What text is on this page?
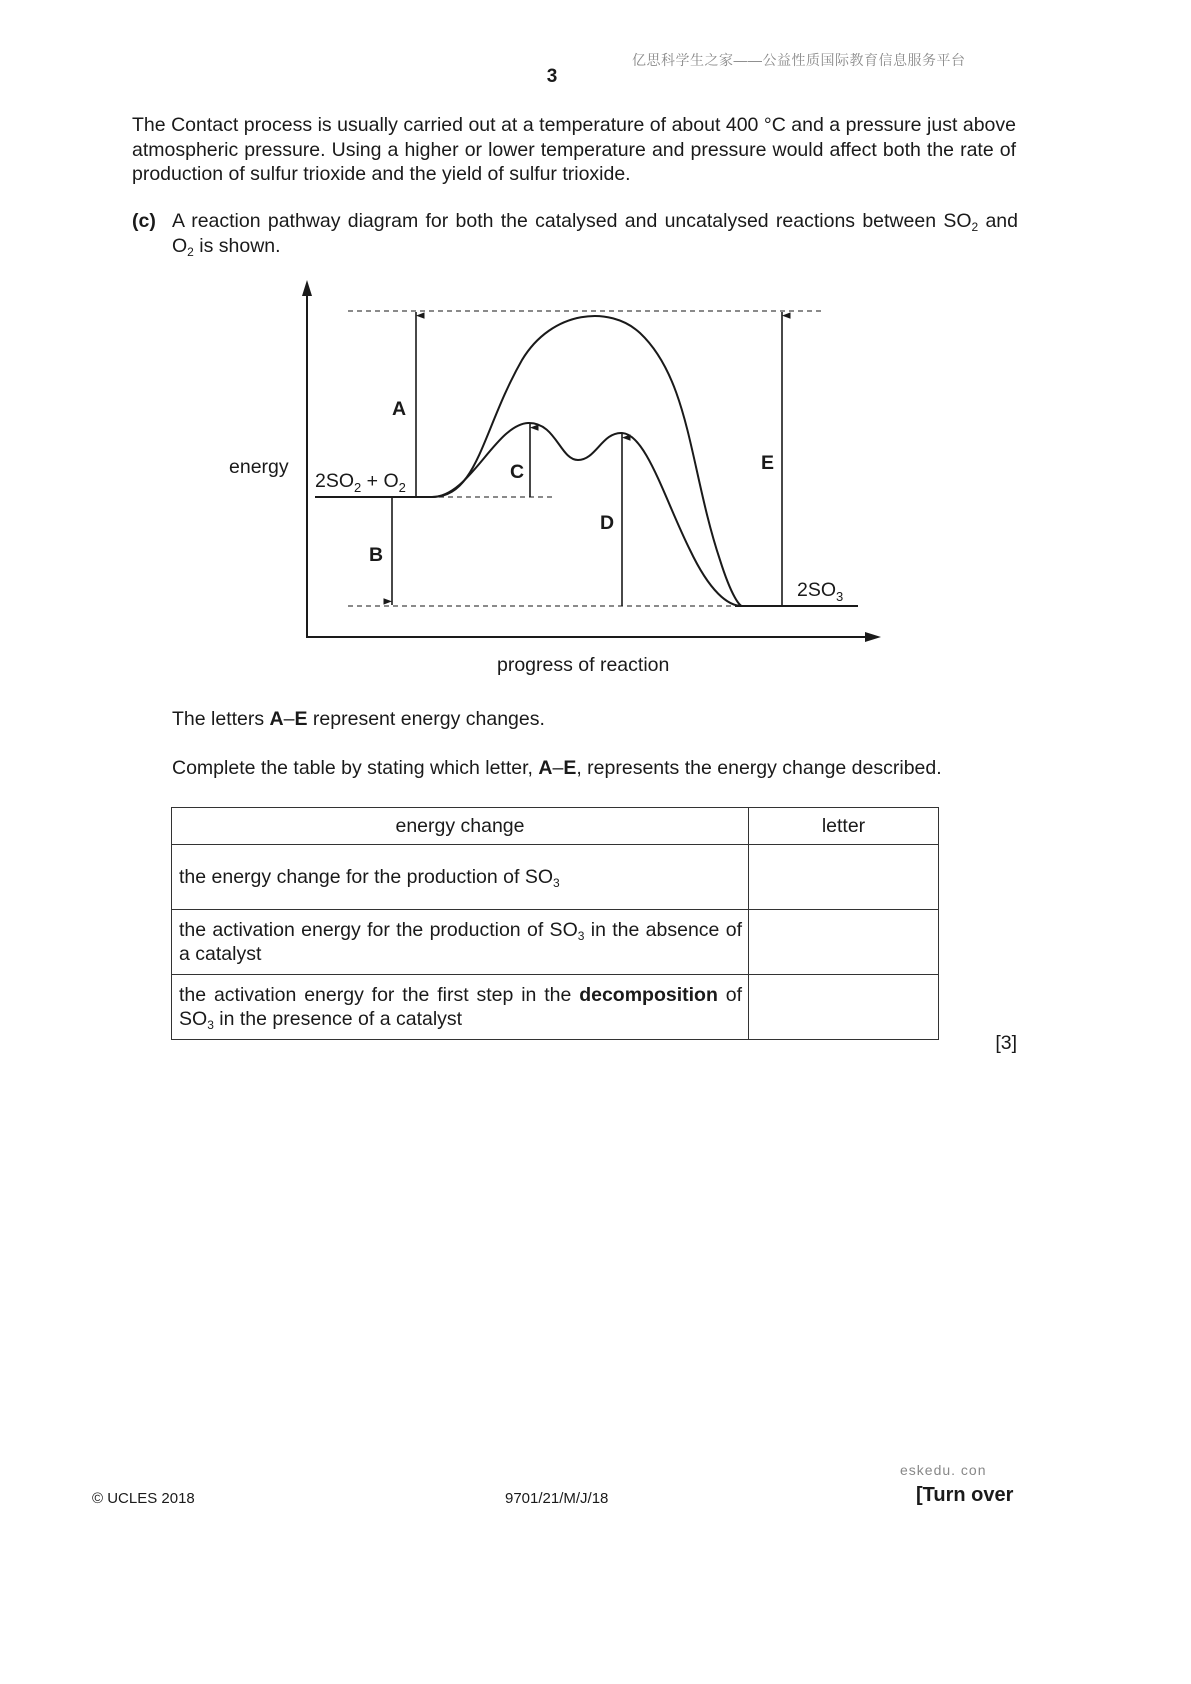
亿思科学生之家——公益性质国际教育信息服务平台
3
The Contact process is usually carried out at a temperature of about 400 °C and a pressure just above atmospheric pressure. Using a higher or lower temperature and pressure would affect both the rate of production of sulfur trioxide and the yield of sulfur trioxide.
(c) A reaction pathway diagram for both the catalysed and uncatalysed reactions between $SO_2$ and $O_2$ is shown.
energy
progress of reaction
$2SO_2 + O_2$
$2SO_3$
A
B
C
D
E
The letters A–E represent energy changes.
Complete the table by stating which letter, A–E, represents the energy change described.
energy change	letter
the energy change for the production of $SO_3$	
the activation energy for the production of $SO_3$ in the absence of a catalyst	
the activation energy for the first step in the decomposition of $SO_3$ in the presence of a catalyst	
[3]
eskedu. con
© UCLES 2018	9701/21/M/J/18	[Turn over
